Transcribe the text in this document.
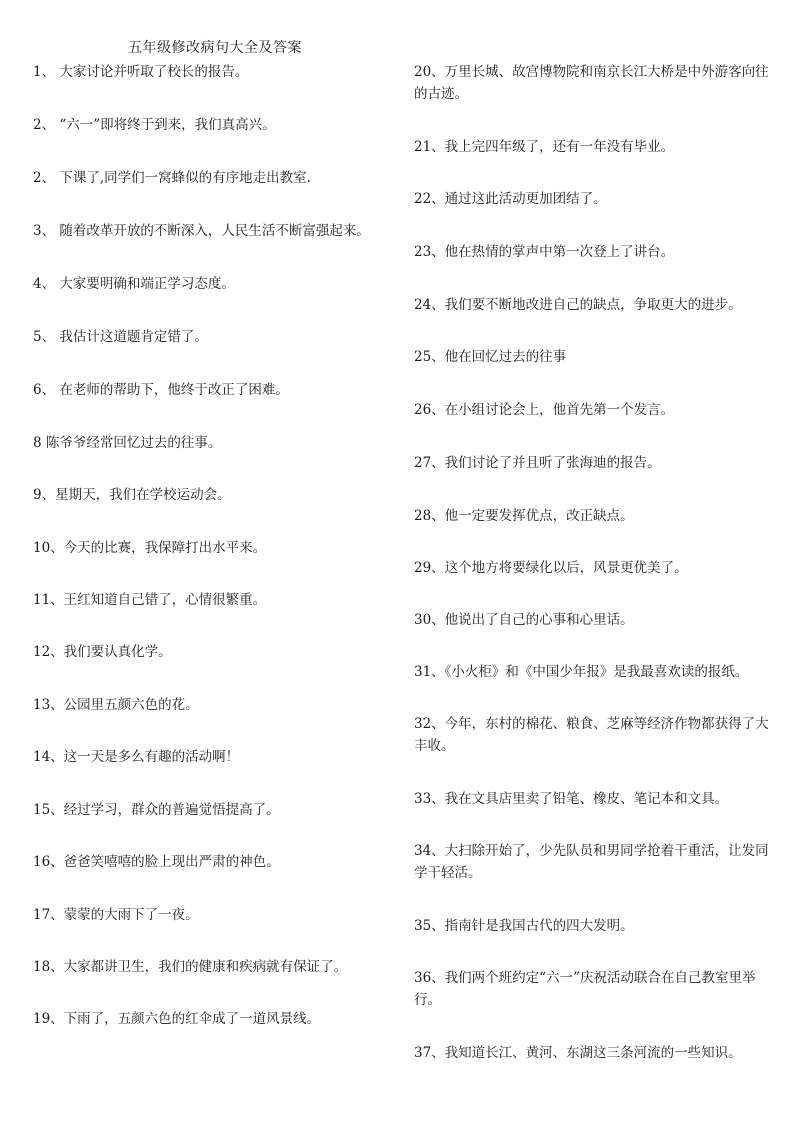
五年级修改病句大全及答案
1、 大家讨论并听取了校长的报告。
2、 “六一”即将终于到来，我们真高兴。
2、 下课了,同学们一窝蜂似的有序地走出教室.
3、 随着改革开放的不断深入，人民生活不断富强起来。
4、 大家要明确和端正学习态度。
5、 我估计这道题肯定错了。
6、 在老师的帮助下，他终于改正了困难。
8 陈爷爷经常回忆过去的往事。
9、星期天，我们在学校运动会。
10、今天的比赛，我保障打出水平来。
11、王红知道自己错了，心情很繁重。
12、我们要认真化学。
13、公园里五颜六色的花。
14、这一天是多么有趣的活动啊！
15、经过学习，群众的普遍觉悟提高了。
16、爸爸笑嘻嘻的脸上现出严肃的神色。
17、蒙蒙的大雨下了一夜。
18、大家都讲卫生，我们的健康和疾病就有保证了。
19、下雨了，五颜六色的红伞成了一道风景线。
20、万里长城、故宫博物院和南京长江大桥是中外游客向往的古迹。
21、我上完四年级了，还有一年没有毕业。
22、通过这此活动更加团结了。
23、他在热情的掌声中第一次登上了讲台。
24、我们要不断地改进自己的缺点，争取更大的进步。
25、他在回忆过去的往事
26、在小组讨论会上，他首先第一个发言。
27、我们讨论了并且听了张海迪的报告。
28、他一定要发挥优点，改正缺点。
29、这个地方将要绿化以后，风景更优美了。
30、他说出了自己的心事和心里话。
31、《小火柜》和《中国少年报》是我最喜欢读的报纸。
32、今年，东村的棉花、粮食、芝麻等经济作物都获得了大丰收。
33、我在文具店里卖了铅笔、橡皮、笔记本和文具。
34、大扫除开始了，少先队员和男同学抢着干重活，让发同学干轻活。
35、指南针是我国古代的四大发明。
36、我们两个班约定“六一”庆祝活动联合在自己教室里举行。
37、我知道长江、黄河、东湖这三条河流的一些知识。
